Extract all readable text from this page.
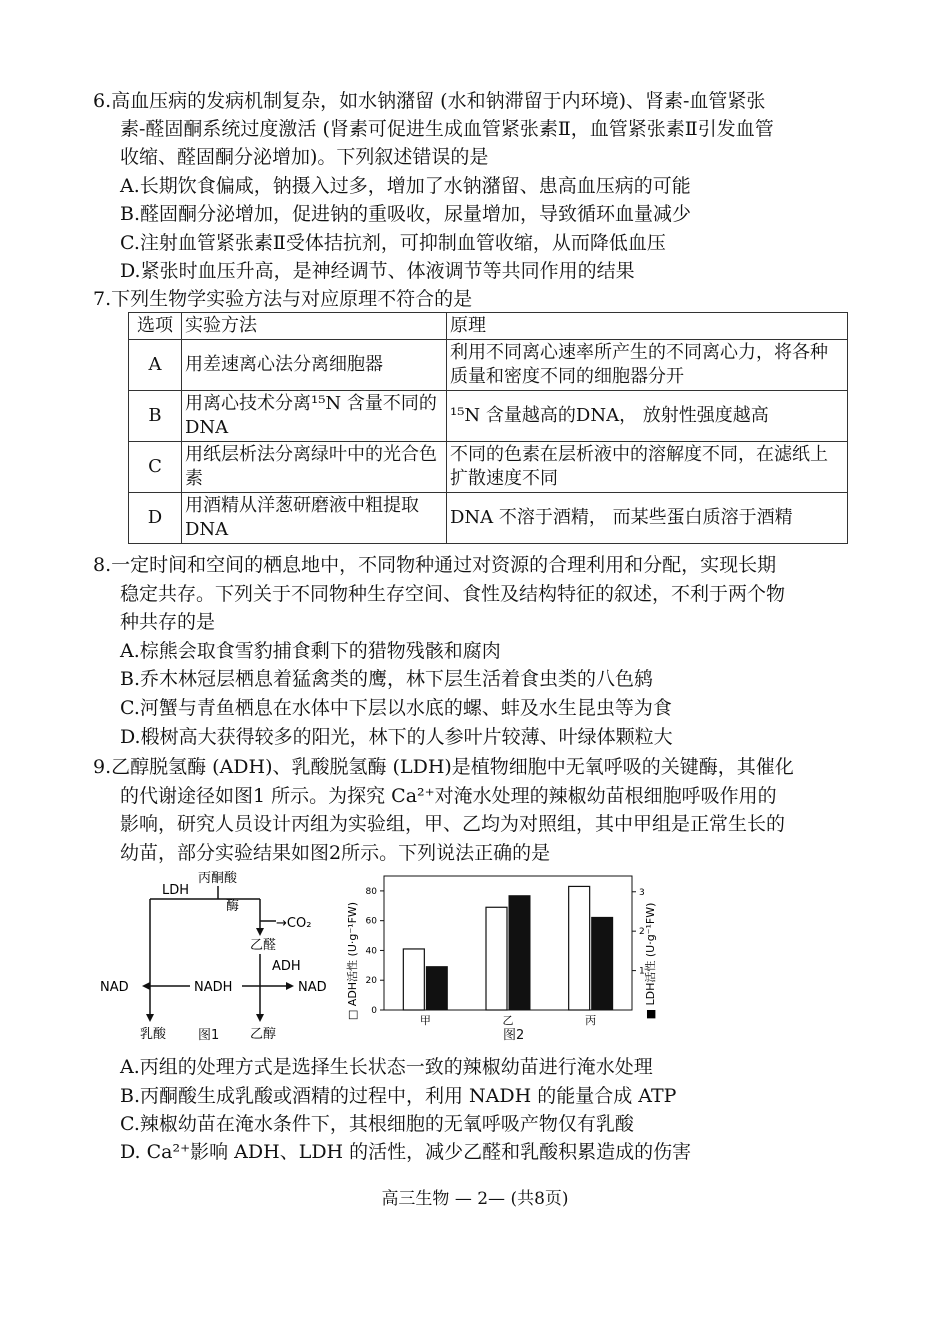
6.高血压病的发病机制复杂，如水钠潴留 (水和钠滞留于内环境)、肾素-血管紧张
素-醛固酮系统过度激活 (肾素可促进生成血管紧张素Ⅱ，血管紧张素Ⅱ引发血管
收缩、醛固酮分泌增加)。下列叙述错误的是
A.长期饮食偏咸，钠摄入过多，增加了水钠潴留、患高血压病的可能
B.醛固酮分泌增加，促进钠的重吸收，尿量增加，导致循环血量减少
C.注射血管紧张素Ⅱ受体拮抗剂，可抑制血管收缩，从而降低血压
D.紧张时血压升高，是神经调节、体液调节等共同作用的结果
7.下列生物学实验方法与对应原理不符合的是
选项	实验方法	原理
A	用差速离心法分离细胞器	利用不同离心速率所产生的不同离心力，将各种质量和密度不同的细胞器分开
B	用离心技术分离¹⁵N 含量不同的 DNA	¹⁵N 含量越高的DNA， 放射性强度越高
C	用纸层析法分离绿叶中的光合色素	不同的色素在层析液中的溶解度不同，在滤纸上扩散速度不同
D	用酒精从洋葱研磨液中粗提取DNA	DNA 不溶于酒精， 而某些蛋白质溶于酒精
8.一定时间和空间的栖息地中，不同物种通过对资源的合理利用和分配，实现长期
稳定共存。下列关于不同物种生存空间、食性及结构特征的叙述，不利于两个物
种共存的是
A.棕熊会取食雪豹捕食剩下的猎物残骸和腐肉
B.乔木林冠层栖息着猛禽类的鹰，林下层生活着食虫类的八色鸫
C.河蟹与青鱼栖息在水体中下层以水底的螺、蚌及水生昆虫等为食
D.椴树高大获得较多的阳光，林下的人参叶片较薄、叶绿体颗粒大
9.乙醇脱氢酶 (ADH)、乳酸脱氢酶 (LDH)是植物细胞中无氧呼吸的关键酶，其催化
的代谢途径如图1 所示。为探究 Ca²⁺对淹水处理的辣椒幼苗根细胞呼吸作用的
影响，研究人员设计丙组为实验组，甲、乙均为对照组，其中甲组是正常生长的
幼苗，部分实验结果如图2所示。下列说法正确的是
丙酮酸
LDH
酶
→CO₂
乙醛
ADH
NAD	NADH	NAD
乳酸	乙醇
图1
□ ADH活性 (U·g⁻¹FW)	■ LDH活性 (U·g⁻¹FW)
0
20
40
60
80
1
2
3
甲	乙	丙
图2
A.丙组的处理方式是选择生长状态一致的辣椒幼苗进行淹水处理
B.丙酮酸生成乳酸或酒精的过程中，利用 NADH 的能量合成 ATP
C.辣椒幼苗在淹水条件下，其根细胞的无氧呼吸产物仅有乳酸
D. Ca²⁺影响 ADH、LDH 的活性，减少乙醛和乳酸积累造成的伤害
高三生物 — 2— (共8页)
